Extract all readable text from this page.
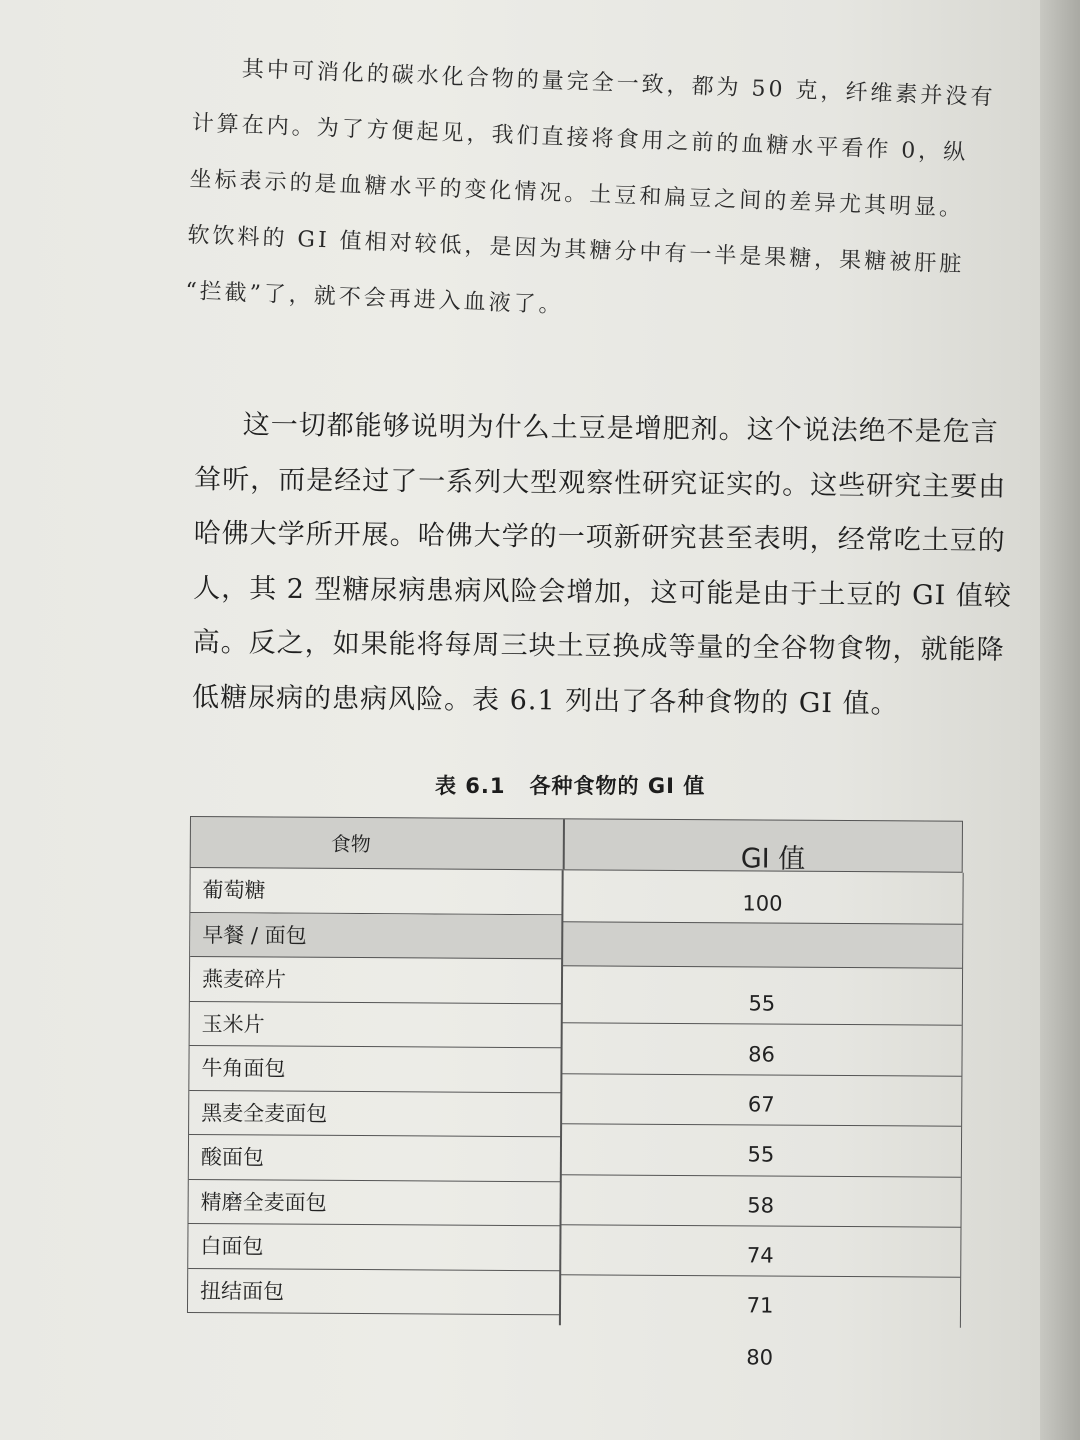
其中可消化的碳水化合物的量完全一致，都为 50 克，纤维素并没有

计算在内。为了方便起见，我们直接将食用之前的血糖水平看作 0，纵

坐标表示的是血糖水平的变化情况。土豆和扁豆之间的差异尤其明显。

软饮料的 GI 值相对较低，是因为其糖分中有一半是果糖，果糖被肝脏

“拦截”了，就不会再进入血液了。

这一切都能够说明为什么土豆是增肥剂。这个说法绝不是危言

耸听，而是经过了一系列大型观察性研究证实的。这些研究主要由

哈佛大学所开展。哈佛大学的一项新研究甚至表明，经常吃土豆的

人，其 2 型糖尿病患病风险会增加，这可能是由于土豆的 GI 值较

高。反之，如果能将每周三块土豆换成等量的全谷物食物，就能降

低糖尿病的患病风险。表 6.1 列出了各种食物的 GI 值。

表 6.1 各种食物的 GI 值
食物	GI 值
葡萄糖
早餐 / 面包
燕麦碎片
玉米片
牛角面包
黑麦全麦面包
酸面包
精磨全麦面包
白面包
扭结面包
100
55
86
67
55
58
74
71
80
